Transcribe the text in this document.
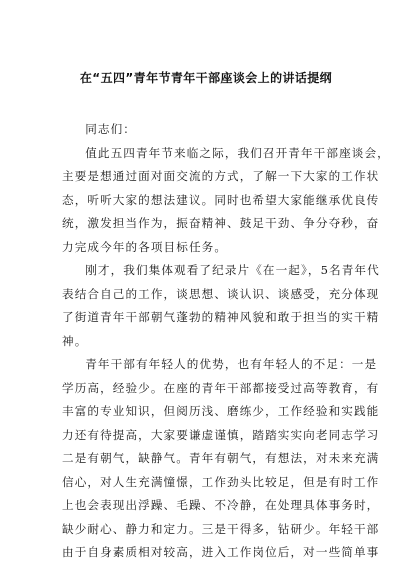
在“五四”青年节青年干部座谈会上的讲话提纲

同志们：

值此五四青年节来临之际，我们召开青年干部座谈会，
主要是想通过面对面交流的方式，了解一下大家的工作状
态，听听大家的想法建议。同时也希望大家能继承优良传
统，激发担当作为，振奋精神、鼓足干劲、争分夺秒，奋
力完成今年的各项目标任务。

刚才，我们集体观看了纪录片《在一起》，5名青年代
表结合自己的工作，谈思想、谈认识、谈感受，充分体现
了街道青年干部朝气蓬勃的精神风貌和敢于担当的实干精
神。

青年干部有年轻人的优势，也有年轻人的不足：一是
学历高，经验少。在座的青年干部都接受过高等教育，有
丰富的专业知识，但阅历浅、磨练少，工作经验和实践能
力还有待提高，大家要谦虚谨慎，踏踏实实向老同志学习
二是有朝气，缺静气。青年有朝气，有想法，对未来充满
信心，对人生充满憧憬，工作劲头比较足，但是有时工作
上也会表现出浮躁、毛躁、不冷静，在处理具体事务时，
缺少耐心、静力和定力。三是干得多，钻研少。年轻干部
由于自身素质相对较高，进入工作岗位后，对一些简单事
